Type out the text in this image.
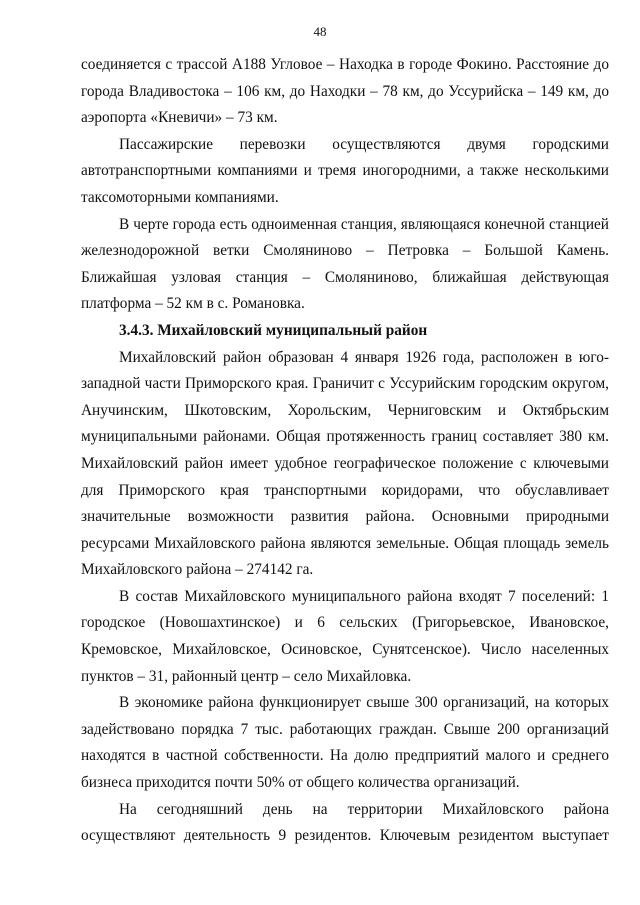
48

соединяется с трассой А188 Угловое – Находка в городе Фокино. Расстояние до города Владивостока – 106 км, до Находки – 78 км, до Уссурийска – 149 км, до аэропорта «Кневичи» – 73 км.

Пассажирские перевозки осуществляются двумя городскими автотранспортными компаниями и тремя иногородними, а также несколькими таксомоторными компаниями.

В черте города есть одноименная станция, являющаяся конечной станцией железнодорожной ветки Смоляниново – Петровка – Большой Камень. Ближайшая узловая станция – Смоляниново, ближайшая действующая платформа – 52 км в с. Романовка.

3.4.3. Михайловский муниципальный район

Михайловский район образован 4 января 1926 года, расположен в юго-западной части Приморского края. Граничит с Уссурийским городским округом, Анучинским, Шкотовским, Хорольским, Черниговским и Октябрьским муниципальными районами. Общая протяженность границ составляет 380 км. Михайловский район имеет удобное географическое положение с ключевыми для Приморского края транспортными коридорами, что обуславливает значительные возможности развития района. Основными природными ресурсами Михайловского района являются земельные. Общая площадь земель Михайловского района – 274142 га.

В состав Михайловского муниципального района входят 7 поселений: 1 городское (Новошахтинское) и 6 сельских (Григорьевское, Ивановское, Кремовское, Михайловское, Осиновское, Сунятсенское). Число населенных пунктов – 31, районный центр – село Михайловка.

В экономике района функционирует свыше 300 организаций, на которых задействовано порядка 7 тыс. работающих граждан. Свыше 200 организаций находятся в частной собственности. На долю предприятий малого и среднего бизнеса приходится почти 50% от общего количества организаций.

На сегодняшний день на территории Михайловского района осуществляют деятельность 9 резидентов. Ключевым резидентом выступает
